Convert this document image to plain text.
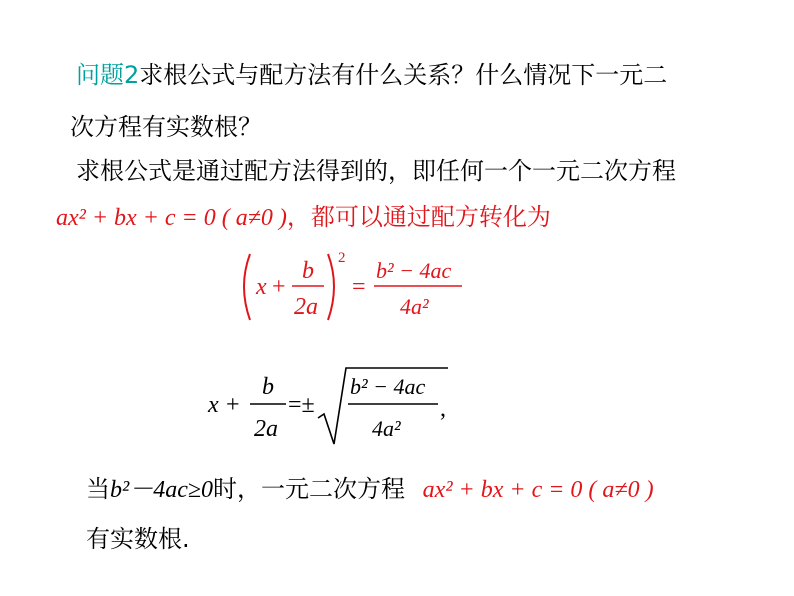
问题2求根公式与配方法有什么关系？什么情况下一元二
次方程有实数根？
求根公式是通过配方法得到的，即任何一个一元二次方程
ax² + bx + c = 0 ( a≠0 )，都可以通过配方转化为
x +
b
2a
2
=
b² − 4ac
4a²
x +
b
2a
=±
b² − 4ac
4a²
,
当b²－4ac≥0时，一元二次方程 ax² + bx + c = 0 ( a≠0 )
有实数根.
